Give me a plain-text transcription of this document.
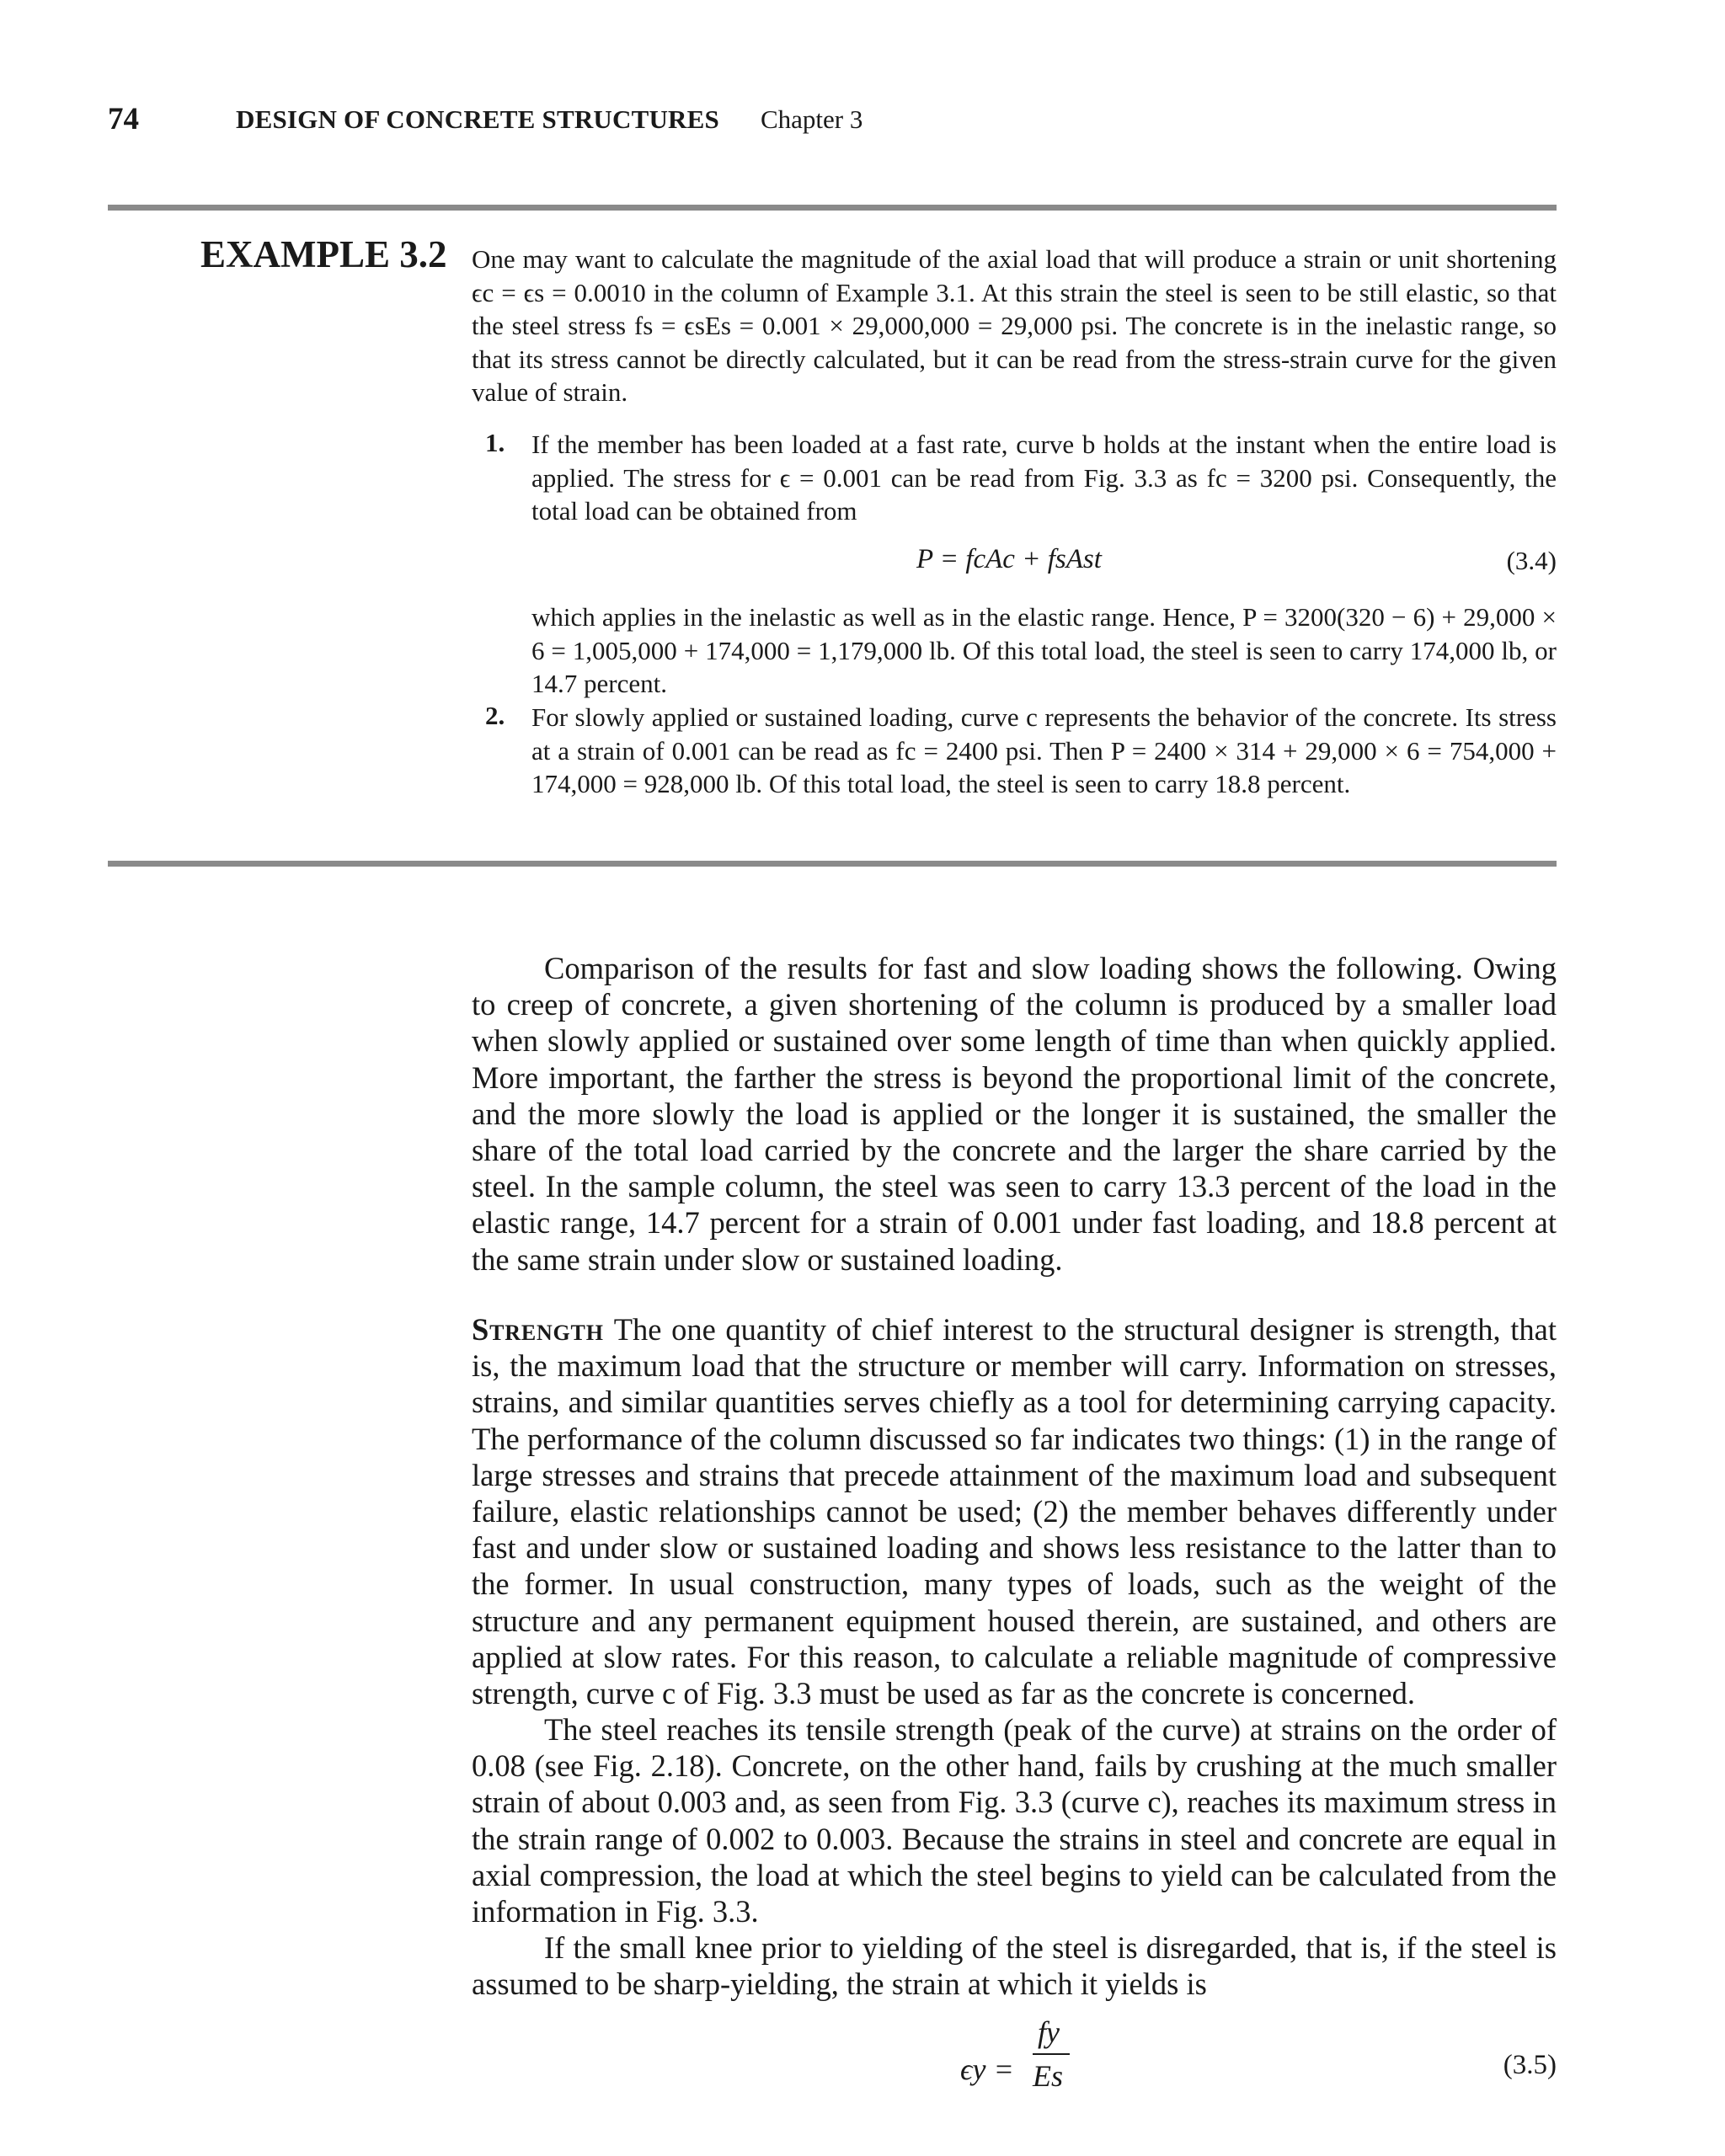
74	DESIGN OF CONCRETE STRUCTURES Chapter 3
EXAMPLE 3.2 One may want to calculate the magnitude of the axial load that will produce a strain or unit shortening ϵc = ϵs = 0.0010 in the column of Example 3.1. At this strain the steel is seen to be still elastic, so that the steel stress fs = ϵsEs = 0.001 × 29,000,000 = 29,000 psi. The concrete is in the inelastic range, so that its stress cannot be directly calculated, but it can be read from the stress-strain curve for the given value of strain.
1. If the member has been loaded at a fast rate, curve b holds at the instant when the entire load is applied. The stress for ϵ = 0.001 can be read from Fig. 3.3 as fc = 3200 psi. Consequently, the total load can be obtained from
P = fcAc + fsAst	(3.4)
which applies in the inelastic as well as in the elastic range. Hence, P = 3200(320 − 6) + 29,000 × 6 = 1,005,000 + 174,000 = 1,179,000 lb. Of this total load, the steel is seen to carry 174,000 lb, or 14.7 percent.
2. For slowly applied or sustained loading, curve c represents the behavior of the concrete. Its stress at a strain of 0.001 can be read as fc = 2400 psi. Then P = 2400 × 314 + 29,000 × 6 = 754,000 + 174,000 = 928,000 lb. Of this total load, the steel is seen to carry 18.8 percent.
Comparison of the results for fast and slow loading shows the following. Owing to creep of concrete, a given shortening of the column is produced by a smaller load when slowly applied or sustained over some length of time than when quickly applied. More important, the farther the stress is beyond the proportional limit of the concrete, and the more slowly the load is applied or the longer it is sustained, the smaller the share of the total load carried by the concrete and the larger the share carried by the steel. In the sample column, the steel was seen to carry 13.3 percent of the load in the elastic range, 14.7 percent for a strain of 0.001 under fast loading, and 18.8 percent at the same strain under slow or sustained loading.
Strength The one quantity of chief interest to the structural designer is strength, that is, the maximum load that the structure or member will carry. Information on stresses, strains, and similar quantities serves chiefly as a tool for determining carrying capacity. The performance of the column discussed so far indicates two things: (1) in the range of large stresses and strains that precede attainment of the maximum load and subsequent failure, elastic relationships cannot be used; (2) the member behaves differently under fast and under slow or sustained loading and shows less resistance to the latter than to the former. In usual construction, many types of loads, such as the weight of the structure and any permanent equipment housed therein, are sustained, and others are applied at slow rates. For this reason, to calculate a reliable magnitude of compressive strength, curve c of Fig. 3.3 must be used as far as the concrete is concerned.
The steel reaches its tensile strength (peak of the curve) at strains on the order of 0.08 (see Fig. 2.18). Concrete, on the other hand, fails by crushing at the much smaller strain of about 0.003 and, as seen from Fig. 3.3 (curve c), reaches its maximum stress in the strain range of 0.002 to 0.003. Because the strains in steel and concrete are equal in axial compression, the load at which the steel begins to yield can be calculated from the information in Fig. 3.3.
If the small knee prior to yielding of the steel is disregarded, that is, if the steel is assumed to be sharp-yielding, the strain at which it yields is
ϵy =
fy
Es	(3.5)
